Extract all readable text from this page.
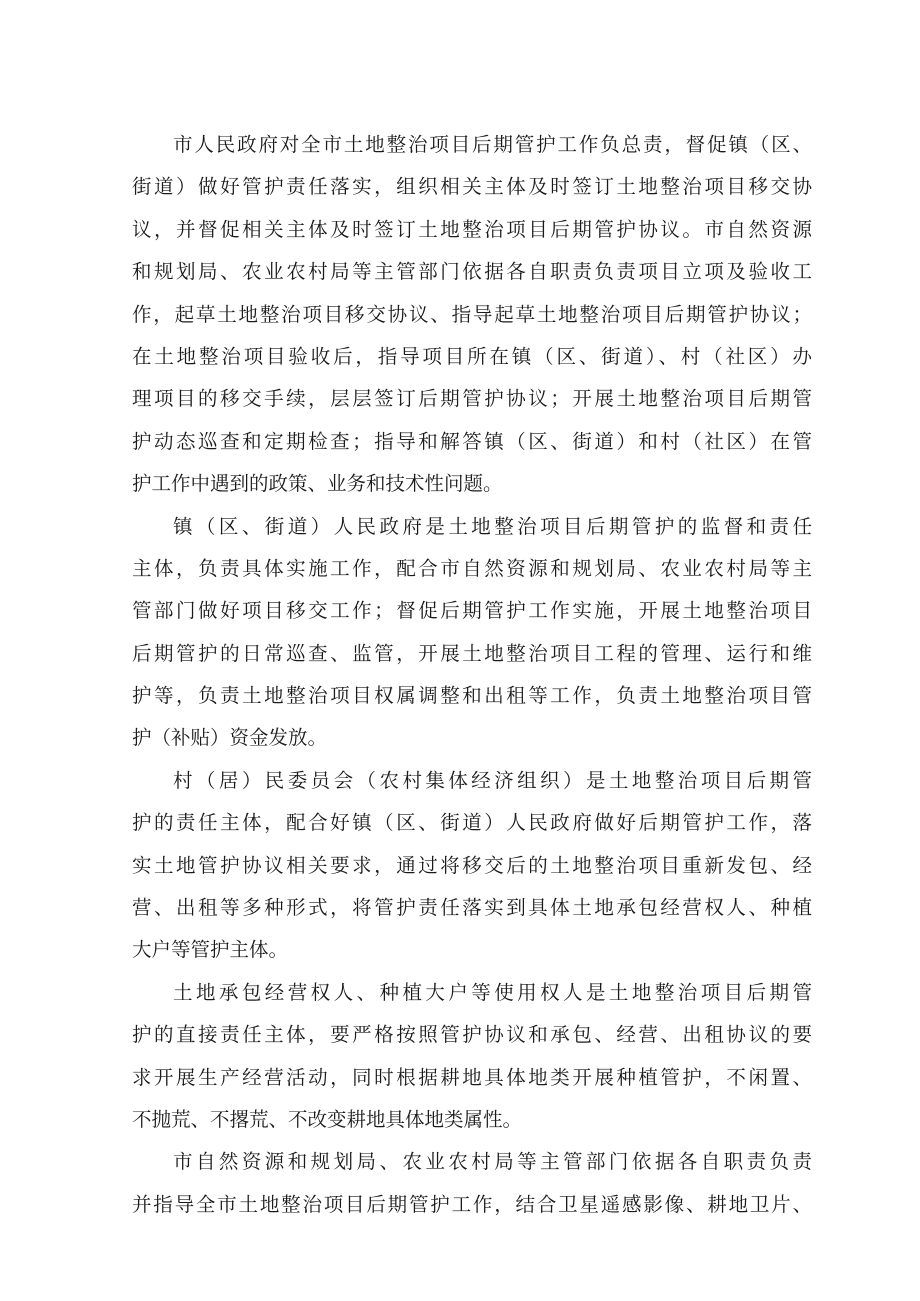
市人民政府对全市土地整治项目后期管护工作负总责，督促镇（区、
街道）做好管护责任落实，组织相关主体及时签订土地整治项目移交协
议，并督促相关主体及时签订土地整治项目后期管护协议。市自然资源
和规划局、农业农村局等主管部门依据各自职责负责项目立项及验收工
作，起草土地整治项目移交协议、指导起草土地整治项目后期管护协议；
在土地整治项目验收后，指导项目所在镇（区、街道）、村（社区）办
理项目的移交手续，层层签订后期管护协议；开展土地整治项目后期管
护动态巡查和定期检查；指导和解答镇（区、街道）和村（社区）在管
护工作中遇到的政策、业务和技术性问题。
镇（区、街道）人民政府是土地整治项目后期管护的监督和责任
主体，负责具体实施工作，配合市自然资源和规划局、农业农村局等主
管部门做好项目移交工作；督促后期管护工作实施，开展土地整治项目
后期管护的日常巡查、监管，开展土地整治项目工程的管理、运行和维
护等，负责土地整治项目权属调整和出租等工作，负责土地整治项目管
护（补贴）资金发放。
村（居）民委员会（农村集体经济组织）是土地整治项目后期管
护的责任主体，配合好镇（区、街道）人民政府做好后期管护工作，落
实土地管护协议相关要求，通过将移交后的土地整治项目重新发包、经
营、出租等多种形式，将管护责任落实到具体土地承包经营权人、种植
大户等管护主体。
土地承包经营权人、种植大户等使用权人是土地整治项目后期管
护的直接责任主体，要严格按照管护协议和承包、经营、出租协议的要
求开展生产经营活动，同时根据耕地具体地类开展种植管护，不闲置、
不抛荒、不撂荒、不改变耕地具体地类属性。
市自然资源和规划局、农业农村局等主管部门依据各自职责负责
并指导全市土地整治项目后期管护工作，结合卫星遥感影像、耕地卫片、
